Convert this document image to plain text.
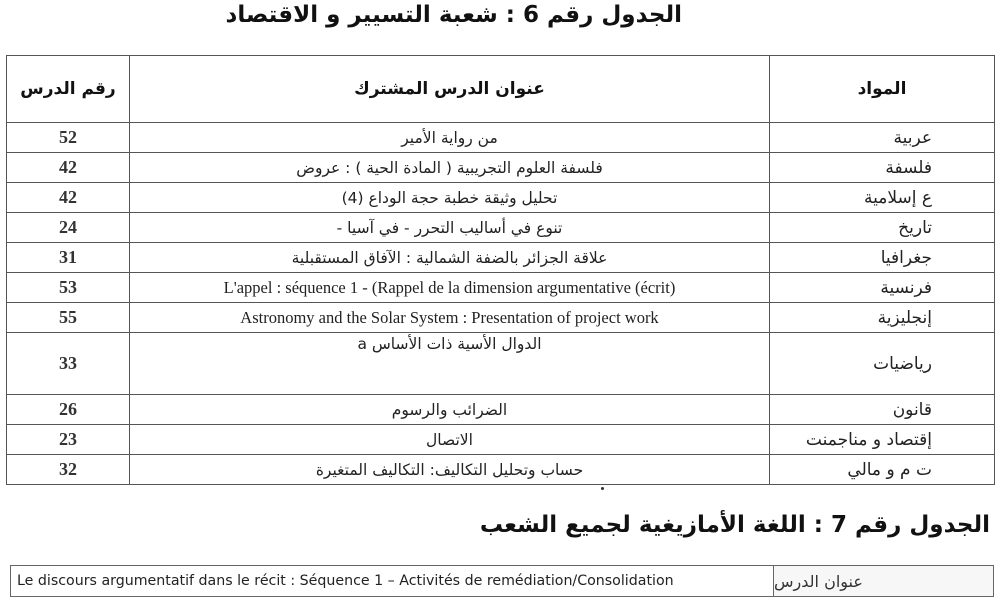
الجدول رقم 6 : شعبة التسيير و الاقتصاد
رقم الدرس	عنوان الدرس المشترك	المواد
52	من رواية الأمير	عربية
42	فلسفة العلوم التجريبية ( المادة الحية ) : عروض	فلسفة
42	تحليل وثيقة خطبة حجة الوداع (4)	ع إسلامية
24	تنوع في أساليب التحرر - في آسيا -	تاريخ
31	علاقة الجزائر بالضفة الشمالية : الآفاق المستقبلية	جغرافيا
53	L'appel : séquence 1 - (Rappel de la dimension argumentative (écrit)	فرنسية
55	Astronomy and the Solar System : Presentation of project work	إنجليزية
33	الدوال الأسية ذات الأساس a	رياضيات
26	الضرائب والرسوم	قانون
23	الاتصال	إقتصاد و مناجمنت
32	حساب وتحليل التكاليف: التكاليف المتغيرة	ت م و مالي
الجدول رقم 7 : اللغة الأمازيغية لجميع الشعب
Le discours argumentatif dans le récit : Séquence 1 – Activités de remédiation/Consolidation	عنوان الدرس
